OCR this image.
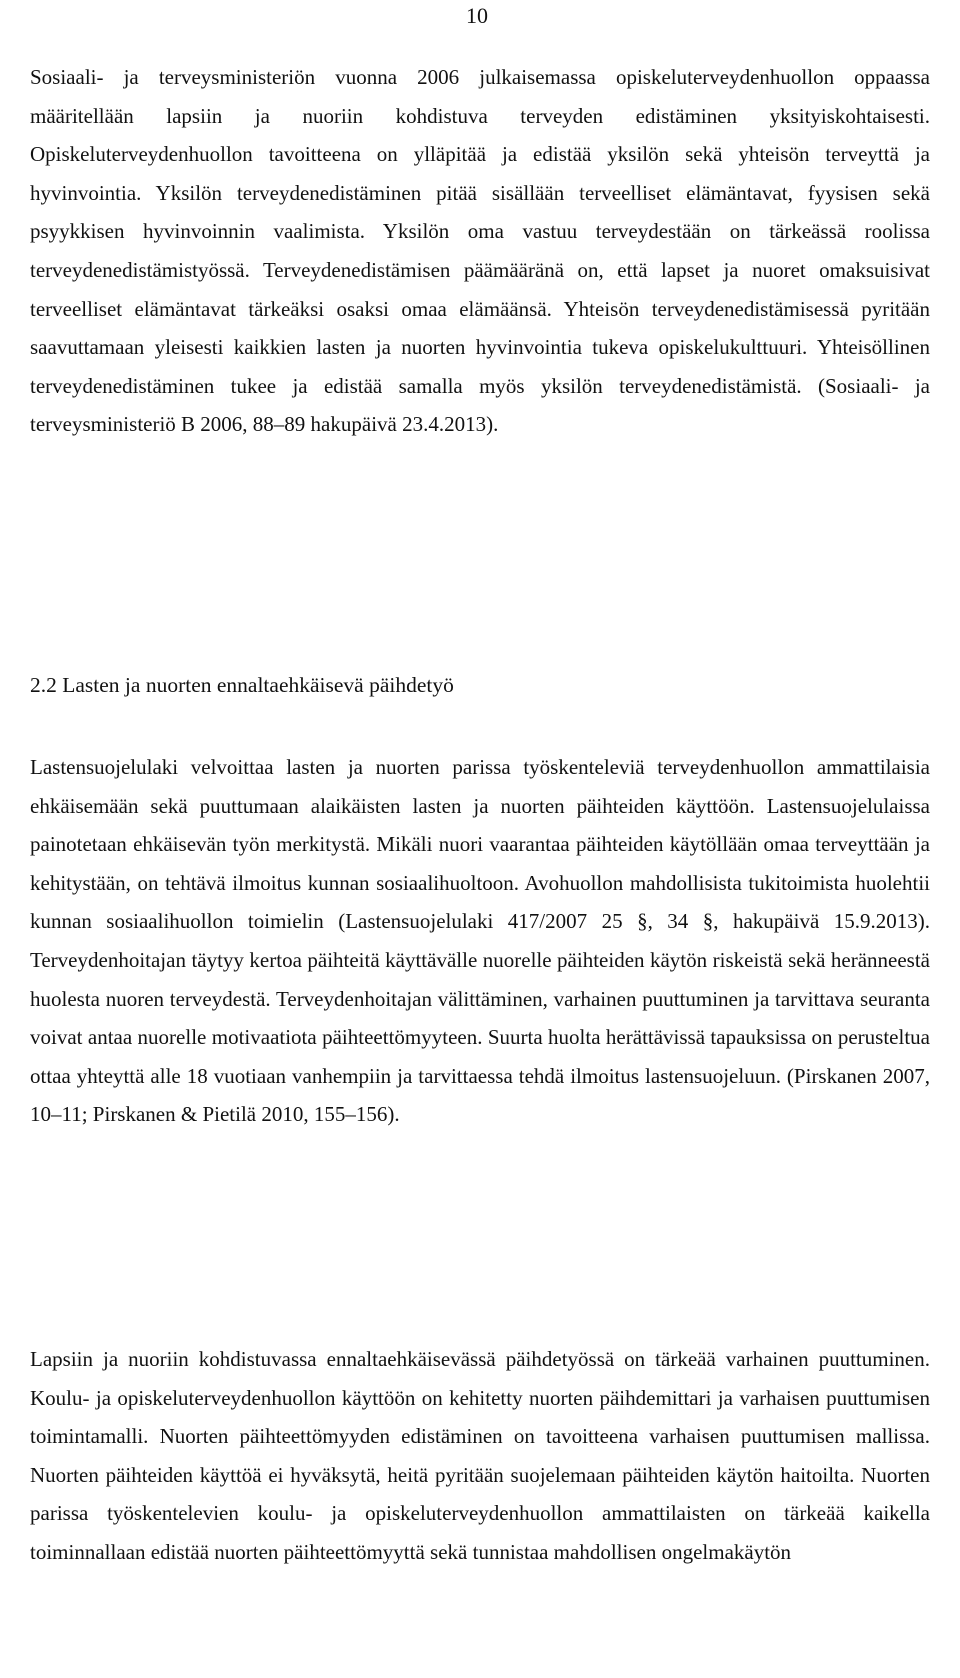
10

Sosiaali- ja terveysministeriön vuonna 2006 julkaisemassa opiskeluterveydenhuollon oppaassa määritellään lapsiin ja nuoriin kohdistuva terveyden edistäminen yksityiskohtaisesti. Opiskeluterveydenhuollon tavoitteena on ylläpitää ja edistää yksilön sekä yhteisön terveyttä ja hyvinvointia. Yksilön terveydenedistäminen pitää sisällään terveelliset elämäntavat, fyysisen sekä psyykkisen hyvinvoinnin vaalimista. Yksilön oma vastuu terveydestään on tärkeässä roolissa terveydenedistämistyössä. Terveydenedistämisen päämääränä on, että lapset ja nuoret omaksuisivat terveelliset elämäntavat tärkeäksi osaksi omaa elämäänsä. Yhteisön terveydenedistämisessä pyritään saavuttamaan yleisesti kaikkien lasten ja nuorten hyvinvointia tukeva opiskelukulttuuri. Yhteisöllinen terveydenedistäminen tukee ja edistää samalla myös yksilön terveydenedistämistä. (Sosiaali- ja terveysministeriö B 2006, 88–89 hakupäivä 23.4.2013).

2.2 Lasten ja nuorten ennaltaehkäisevä päihdetyö

Lastensuojelulaki velvoittaa lasten ja nuorten parissa työskenteleviä terveydenhuollon ammattilaisia ehkäisemään sekä puuttumaan alaikäisten lasten ja nuorten päihteiden käyttöön. Lastensuojelulaissa painotetaan ehkäisevän työn merkitystä. Mikäli nuori vaarantaa päihteiden käytöllään omaa terveyttään ja kehitystään, on tehtävä ilmoitus kunnan sosiaalihuoltoon. Avohuollon mahdollisista tukitoimista huolehtii kunnan sosiaalihuollon toimielin (Lastensuojelulaki 417/2007 25 §, 34 §, hakupäivä 15.9.2013). Terveydenhoitajan täytyy kertoa päihteitä käyttävälle nuorelle päihteiden käytön riskeistä sekä heränneestä huolesta nuoren terveydestä. Terveydenhoitajan välittäminen, varhainen puuttuminen ja tarvittava seuranta voivat antaa nuorelle motivaatiota päihteettömyyteen. Suurta huolta herättävissä tapauksissa on perusteltua ottaa yhteyttä alle 18 vuotiaan vanhempiin ja tarvittaessa tehdä ilmoitus lastensuojeluun. (Pirskanen 2007, 10–11; Pirskanen & Pietilä 2010, 155–156).

Lapsiin ja nuoriin kohdistuvassa ennaltaehkäisevässä päihdetyössä on tärkeää varhainen puuttuminen. Koulu- ja opiskeluterveydenhuollon käyttöön on kehitetty nuorten päihdemittari ja varhaisen puuttumisen toimintamalli. Nuorten päihteettömyyden edistäminen on tavoitteena varhaisen puuttumisen mallissa. Nuorten päihteiden käyttöä ei hyväksytä, heitä pyritään suojelemaan päihteiden käytön haitoilta. Nuorten parissa työskentelevien koulu- ja opiskeluterveydenhuollon ammattilaisten on tärkeää kaikella toiminnallaan edistää nuorten päihteettömyyttä sekä tunnistaa mahdollisen ongelmakäytön
